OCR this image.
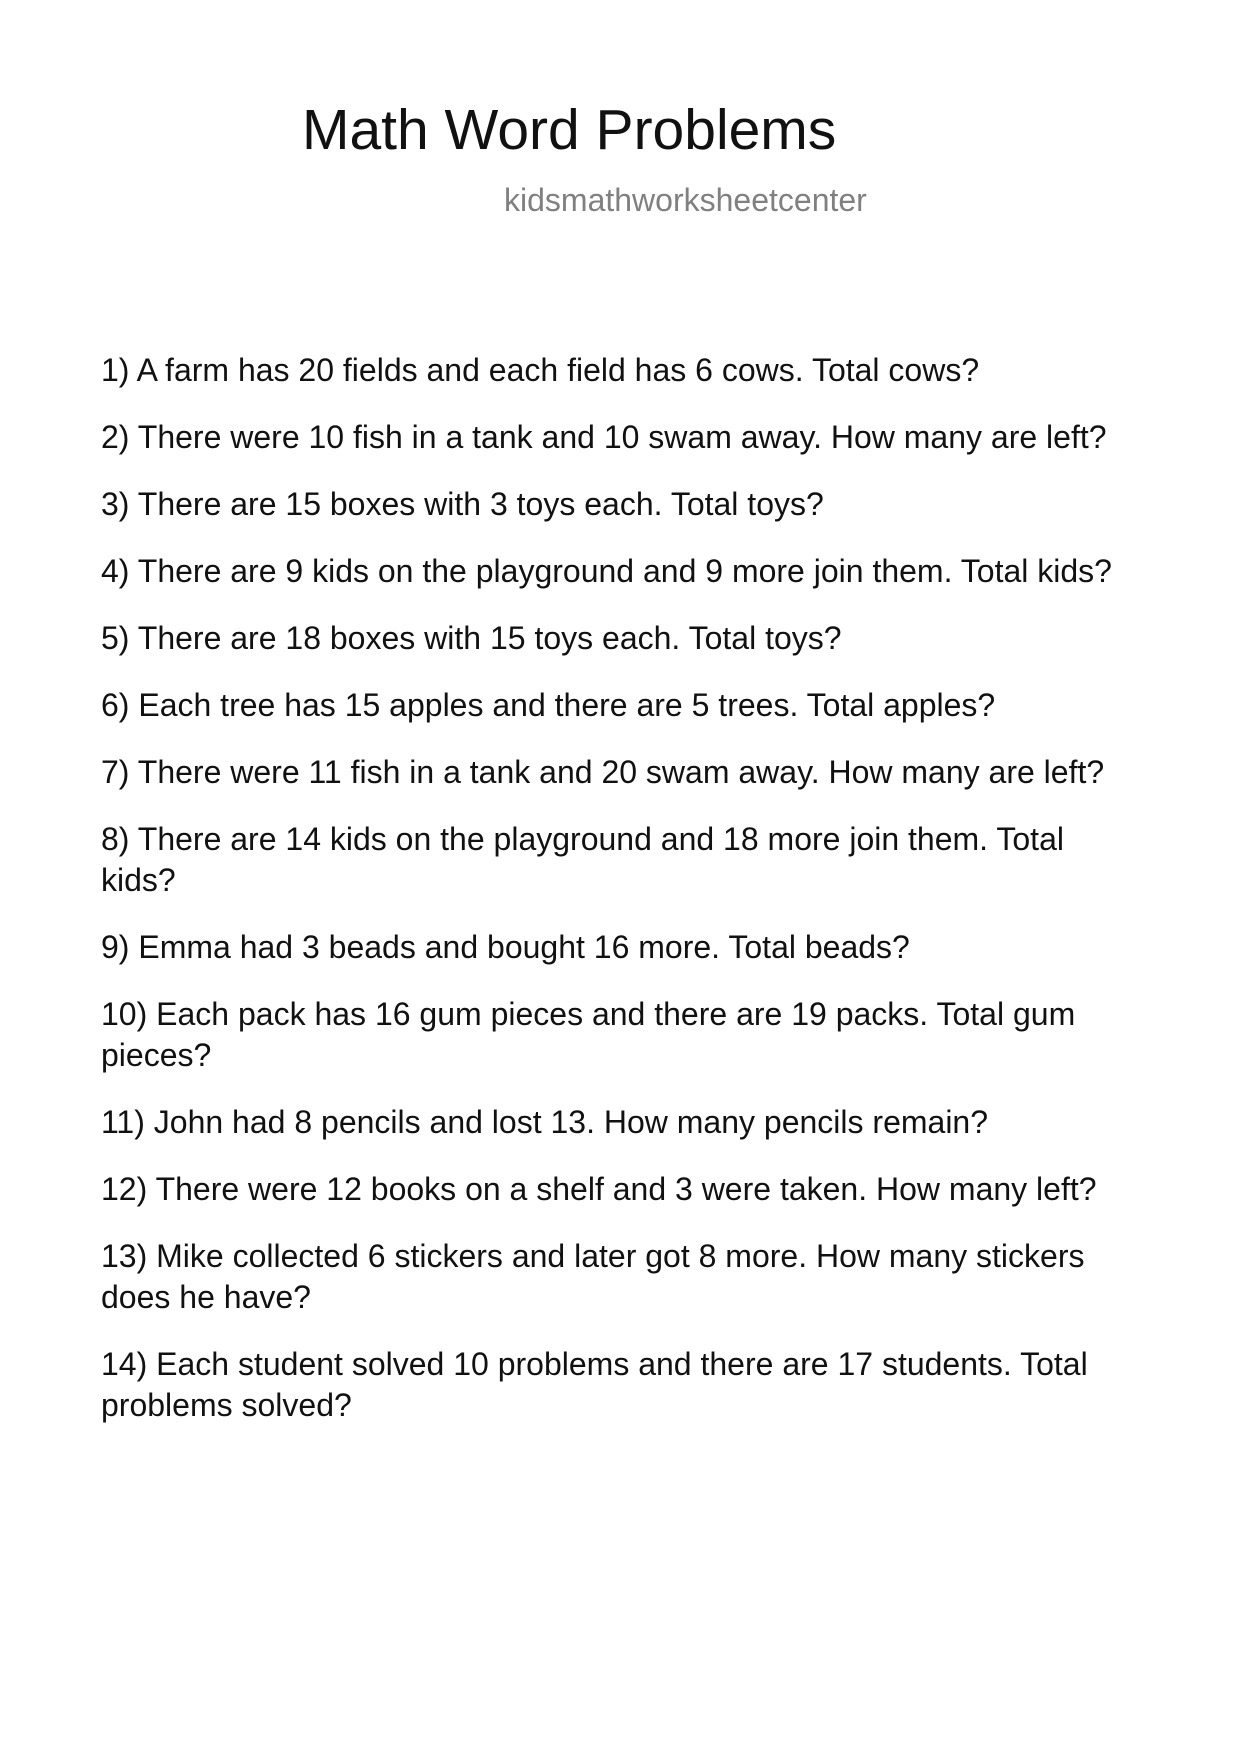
Math Word Problems
kidsmathworksheetcenter
1) A farm has 20 fields and each field has 6 cows. Total cows?
2) There were 10 fish in a tank and 10 swam away. How many are left?
3) There are 15 boxes with 3 toys each. Total toys?
4) There are 9 kids on the playground and 9 more join them. Total kids?
5) There are 18 boxes with 15 toys each. Total toys?
6) Each tree has 15 apples and there are 5 trees. Total apples?
7) There were 11 fish in a tank and 20 swam away. How many are left?
8) There are 14 kids on the playground and 18 more join them. Total kids?
9) Emma had 3 beads and bought 16 more. Total beads?
10) Each pack has 16 gum pieces and there are 19 packs. Total gum pieces?
11) John had 8 pencils and lost 13. How many pencils remain?
12) There were 12 books on a shelf and 3 were taken. How many left?
13) Mike collected 6 stickers and later got 8 more. How many stickers does he have?
14) Each student solved 10 problems and there are 17 students. Total problems solved?
